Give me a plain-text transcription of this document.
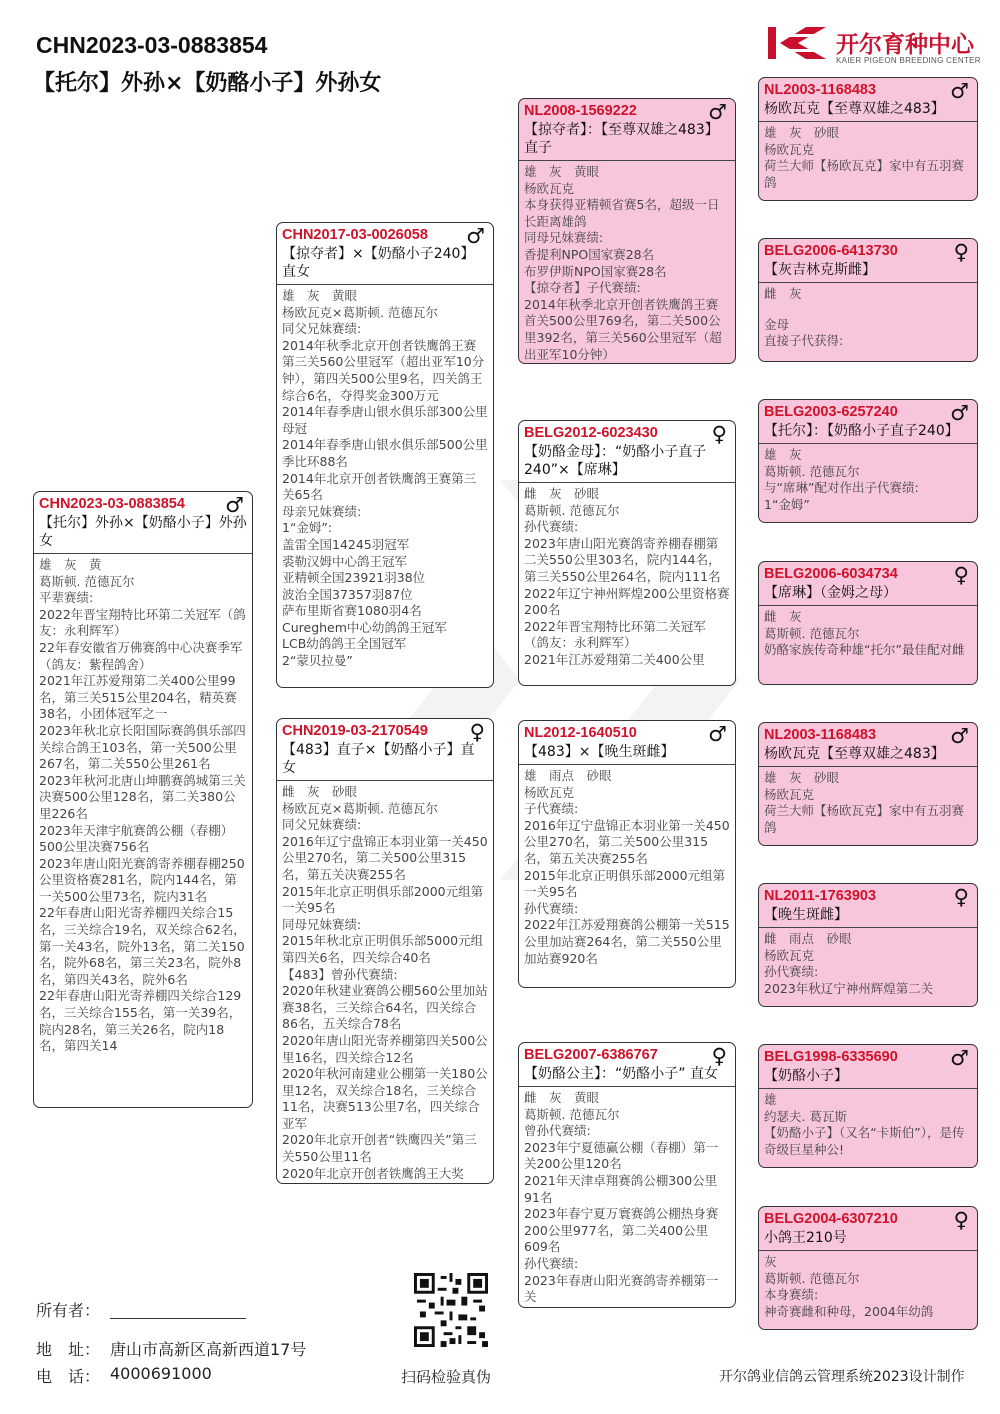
CHN2023-03-0883854
【托尔】外孙×【奶酪小子】外孙女
开尔育种中心
KAIER PIGEON BREEDING CENTER
CHN2023-03-0883854	♂
【托尔】外孙×【奶酪小子】外孙女
雄　灰　黄
葛斯顿. 范德瓦尔
平辈赛绩:
2022年晋宝翔特比环第二关冠军（鸽友：永利辉军）
22年春安徽省万佛赛鸽中心决赛季军（鸽友：紫程鸽舍）
2021年江苏爱翔第二关400公里99名，第三关515公里204名，精英赛38名，小团体冠军之一
2023年秋北京长阳国际赛鸽俱乐部四关综合鸽王103名，第一关500公里267名，第二关550公里261名
2023年秋河北唐山坤鹏赛鸽城第三关决赛500公里128名，第二关380公里226名
2023年天津宇航赛鸽公棚（春棚）500公里决赛756名
2023年唐山阳光赛鸽寄养棚春棚250公里资格赛281名，院内144名，第一关500公里73名，院内31名
22年春唐山阳光寄养棚四关综合15名，三关综合19名，双关综合62名，第一关43名，院外13名，第二关150名，院外68名，第三关23名，院外8名，第四关43名，院外6名
22年春唐山阳光寄养棚四关综合129名，三关综合155名，第一关39名，院内28名，第三关26名，院内18名，第四关14
CHN2017-03-0026058	♂
【掠夺者】×【奶酪小子240】直女
雄　灰　黄眼
杨欧瓦克×葛斯顿. 范德瓦尔
同父兄妹赛绩:
2014年秋季北京开创者铁鹰鸽王赛第三关560公里冠军（超出亚军10分钟），第四关500公里9名，四关鸽王综合6名，夺得奖金300万元
2014年春季唐山银水俱乐部300公里母冠
2014年春季唐山银水俱乐部500公里季比环88名
2014年北京开创者铁鹰鸽王赛第三关65名
母亲兄妹赛绩:
1“金姆”:
盖雷全国14245羽冠军
裘勒汉姆中心鸽王冠军
亚精顿全国23921羽38位
波治全国37357羽87位
萨布里斯省赛1080羽4名
Cureghem中心幼鸽鸽王冠军
LCB幼鸽鸽王全国冠军
2“蒙贝拉曼”
CHN2019-03-2170549	♀
【483】直子×【奶酪小子】直女
雌　灰　砂眼
杨欧瓦克×葛斯顿. 范德瓦尔
同父兄妹赛绩:
2016年辽宁盘锦正本羽业第一关450公里270名，第二关500公里315名，第五关决赛255名
2015年北京正明俱乐部2000元组第一关95名
同母兄妹赛绩:
2015年秋北京正明俱乐部5000元组第四关6名，四关综合40名
【483】曾孙代赛绩:
2020年秋建业赛鸽公棚560公里加站赛38名，三关综合64名，四关综合86名，五关综合78名
2020年唐山阳光寄养棚第四关500公里16名，四关综合12名
2020年秋河南建业公棚第一关180公里12名，双关综合18名，三关综合11名，决赛513公里7名，四关综合亚军
2020年北京开创者“铁鹰四关”第三关550公里11名
2020年北京开创者铁鹰鸽王大奖
NL2008-1569222	♂
【掠夺者】：【至尊双雄之483】直子
雄　灰　黄眼
杨欧瓦克
本身获得亚精顿省赛5名，超级一日长距离雄鸽
同母兄妹赛绩:
香提利NPO国家赛28名
布罗伊斯NPO国家赛28名
【掠夺者】子代赛绩:
2014年秋季北京开创者铁鹰鸽王赛首关500公里769名，第二关500公里392名，第三关560公里冠军（超出亚军10分钟）
BELG2012-6023430	♀
【奶酪金母】：“奶酪小子直子240”×【席琳】
雌　灰　砂眼
葛斯顿. 范德瓦尔
孙代赛绩:
2023年唐山阳光赛鸽寄养棚春棚第二关550公里303名，院内144名，第三关550公里264名，院内111名
2022年辽宁神州辉煌200公里资格赛200名
2022年晋宝翔特比环第二关冠军（鸽友：永利辉军）
2021年江苏爱翔第二关400公里
NL2012-1640510	♂
【483】×【晚生斑雌】
雄　雨点　砂眼
杨欧瓦克
子代赛绩:
2016年辽宁盘锦正本羽业第一关450公里270名，第二关500公里315名，第五关决赛255名
2015年北京正明俱乐部2000元组第一关95名
孙代赛绩:
2022年江苏爱翔赛鸽公棚第一关515公里加站赛264名，第二关550公里加站赛920名
BELG2007-6386767	♀
【奶酪公主】：“奶酪小子” 直女
雌　灰　黄眼
葛斯顿. 范德瓦尔
曾孙代赛绩:
2023年宁夏德赢公棚（春棚）第一关200公里120名
2021年天津卓翔赛鸽公棚300公里91名
2023年春宁夏万寰赛鸽公棚热身赛200公里977名，第二关400公里609名
孙代赛绩:
2023年春唐山阳光赛鸽寄养棚第一关
NL2003-1168483	♂
杨欧瓦克【至尊双雄之483】
雄　灰　砂眼
杨欧瓦克
荷兰大师【杨欧瓦克】家中有五羽赛鸽
BELG2006-6413730	♀
【灰吉林克斯雌】
雌　灰
金母
直接子代获得:
BELG2003-6257240	♂
【托尔】：【奶酪小子直子240】
雄　灰
葛斯顿. 范德瓦尔
与“席琳”配对作出子代赛绩:
1“金姆”
BELG2006-6034734	♀
【席琳】（金姆之母）
雌　灰
葛斯顿. 范德瓦尔
奶酪家族传奇种雄“托尔”最佳配对雌
NL2003-1168483	♂
杨欧瓦克【至尊双雄之483】
雄　灰　砂眼
杨欧瓦克
荷兰大师【杨欧瓦克】家中有五羽赛鸽
NL2011-1763903	♀
【晚生斑雌】
雌　雨点　砂眼
杨欧瓦克
孙代赛绩:
2023年秋辽宁神州辉煌第二关
BELG1998-6335690	♂
【奶酪小子】
雄
约瑟夫. 葛瓦斯
【奶酪小子】（又名“卡斯伯”），是传奇级巨星种公!
BELG2004-6307210	♀
小鸽王210号
灰
葛斯顿. 范德瓦尔
本身赛绩:
神奇赛雌和种母，2004年幼鸽
所有者：
地　址： 唐山市高新区高新西道17号
电　话： 4000691000	扫码检验真伪	开尔鸽业信鸽云管理系统2023设计制作
